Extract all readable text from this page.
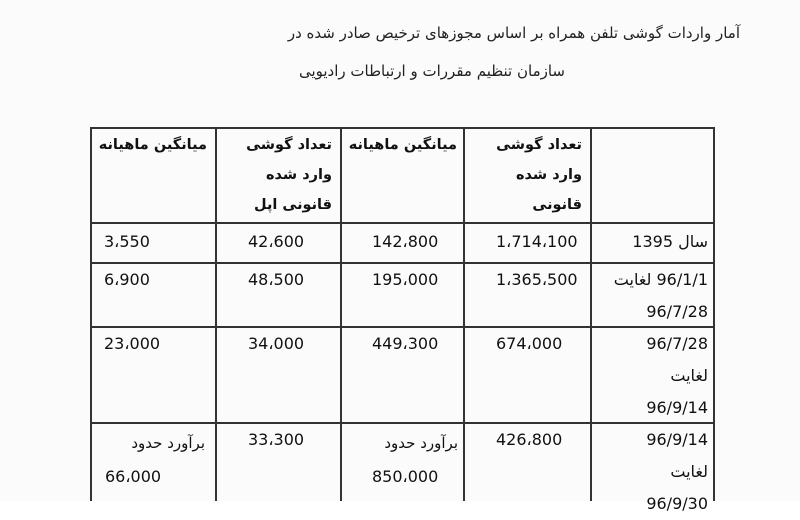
آمار واردات گوشی تلفن همراه بر اساس مجوزهای ترخیص صادر شده در
سازمان تنظیم مقررات و ارتباطات رادیویی
تعداد گوشی
وارد شده
قانونی
میانگین ماهیانه
تعداد گوشی
وارد شده
قانونی اپل
میانگین ماهیانه
سال 1395
1،714،100
142،800
42،600
3،550
96/1/1 لغایت
96/7/28
1،365،500
195،000
48،500
6،900
96/7/28
لغایت
96/9/14
674،000
449،300
34،000
23،000
96/9/14
لغایت
96/9/30
426،800
برآورد حدود
850،000
33،300
برآورد حدود
66،000
